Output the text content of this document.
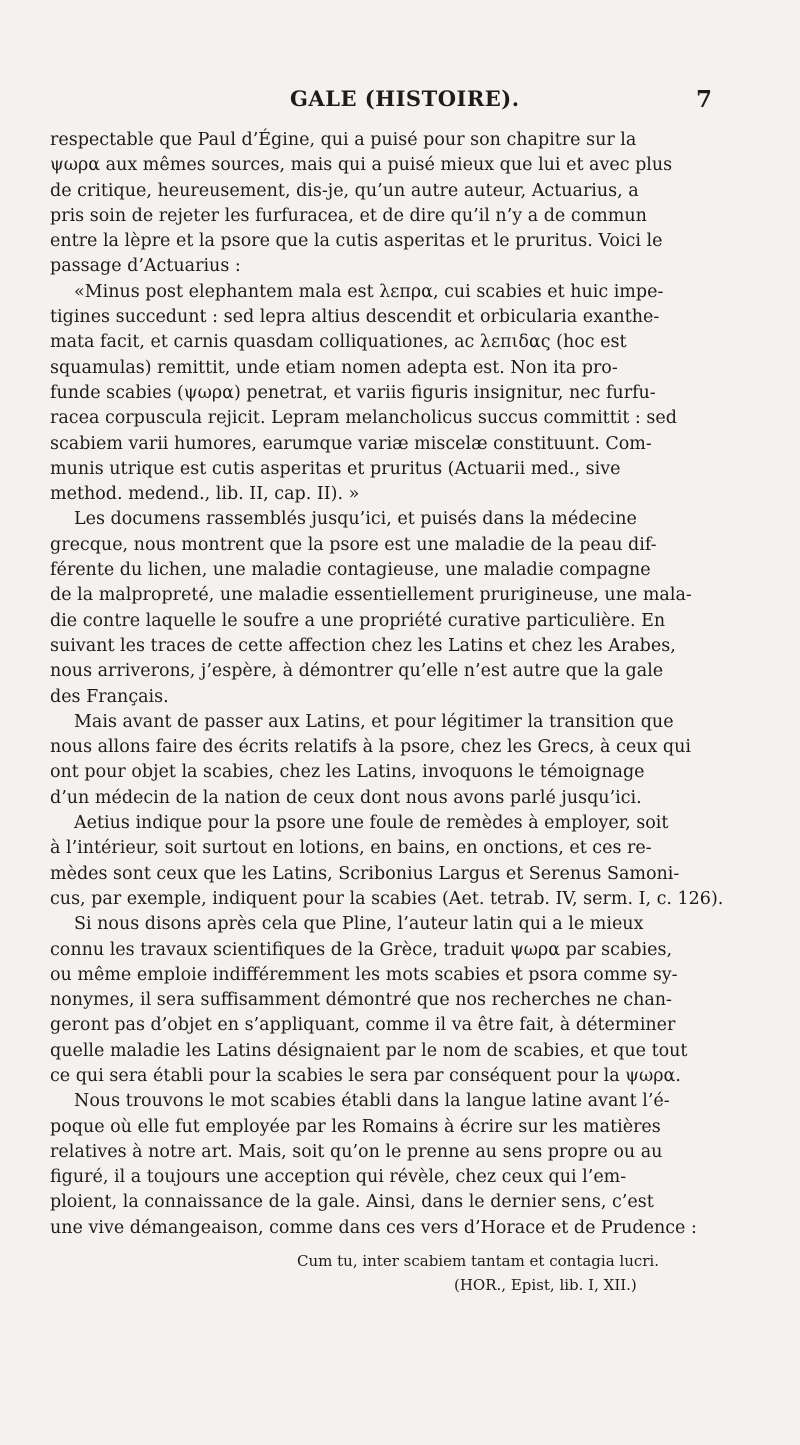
GALE (HISTOIRE).	7
respectable que Paul d’Égine, qui a puisé pour son chapitre sur la
ψωρα aux mêmes sources, mais qui a puisé mieux que lui et avec plus
de critique, heureusement, dis-je, qu’un autre auteur, Actuarius, a
pris soin de rejeter les furfuracea, et de dire qu’il n’y a de commun
entre la lèpre et la psore que la cutis asperitas et le pruritus. Voici le
passage d’Actuarius :
«Minus post elephantem mala est λεπρα, cui scabies et huic impe-
tigines succedunt : sed lepra altius descendit et orbicularia exanthe-
mata facit, et carnis quasdam colliquationes, ac λεπιδας (hoc est
squamulas) remittit, unde etiam nomen adepta est. Non ita pro-
funde scabies (ψωρα) penetrat, et variis figuris insignitur, nec furfu-
racea corpuscula rejicit. Lepram melancholicus succus committit : sed
scabiem varii humores, earumque variæ miscelæ constituunt. Com-
munis utrique est cutis asperitas et pruritus (Actuarii med., sive
method. medend., lib. II, cap. II). »
Les documens rassemblés jusqu’ici, et puisés dans la médecine
grecque, nous montrent que la psore est une maladie de la peau dif-
férente du lichen, une maladie contagieuse, une maladie compagne
de la malpropreté, une maladie essentiellement prurigineuse, une mala-
die contre laquelle le soufre a une propriété curative particulière. En
suivant les traces de cette affection chez les Latins et chez les Arabes,
nous arriverons, j’espère, à démontrer qu’elle n’est autre que la gale
des Français.
Mais avant de passer aux Latins, et pour légitimer la transition que
nous allons faire des écrits relatifs à la psore, chez les Grecs, à ceux qui
ont pour objet la scabies, chez les Latins, invoquons le témoignage
d’un médecin de la nation de ceux dont nous avons parlé jusqu’ici.
Aetius indique pour la psore une foule de remèdes à employer, soit
à l’intérieur, soit surtout en lotions, en bains, en onctions, et ces re-
mèdes sont ceux que les Latins, Scribonius Largus et Serenus Samoni-
cus, par exemple, indiquent pour la scabies (Aet. tetrab. IV, serm. I, c. 126).
Si nous disons après cela que Pline, l’auteur latin qui a le mieux
connu les travaux scientifiques de la Grèce, traduit ψωρα par scabies,
ou même emploie indifféremment les mots scabies et psora comme sy-
nonymes, il sera suffisamment démontré que nos recherches ne chan-
geront pas d’objet en s’appliquant, comme il va être fait, à déterminer
quelle maladie les Latins désignaient par le nom de scabies, et que tout
ce qui sera établi pour la scabies le sera par conséquent pour la ψωρα.
Nous trouvons le mot scabies établi dans la langue latine avant l’é-
poque où elle fut employée par les Romains à écrire sur les matières
relatives à notre art. Mais, soit qu’on le prenne au sens propre ou au
figuré, il a toujours une acception qui révèle, chez ceux qui l’em-
ploient, la connaissance de la gale. Ainsi, dans le dernier sens, c’est
une vive démangeaison, comme dans ces vers d’Horace et de Prudence :
Cum tu, inter scabiem tantam et contagia lucri.
(HOR., Epist, lib. I, XII.)
